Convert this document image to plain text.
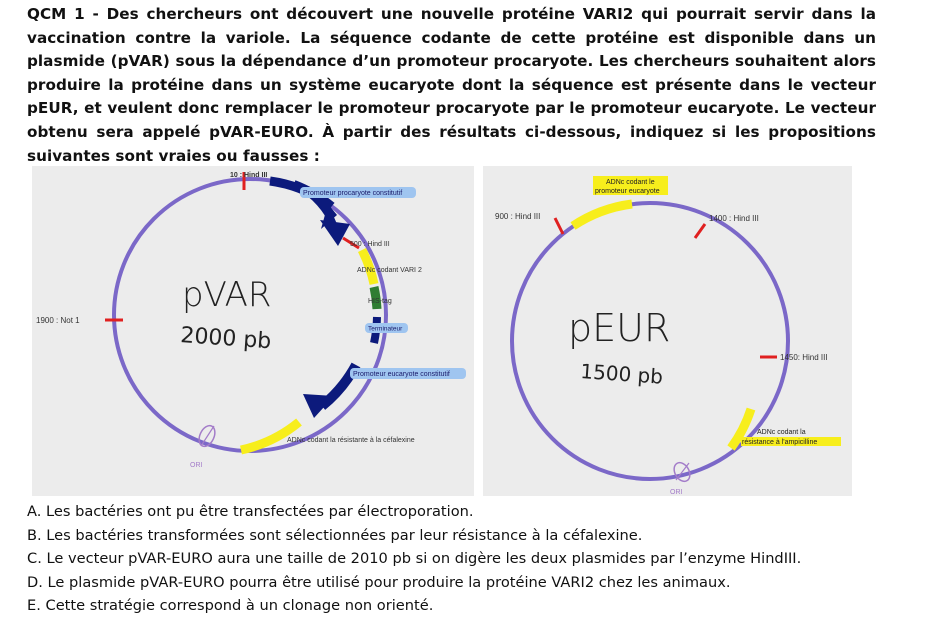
QCM 1 - Des chercheurs ont découvert une nouvelle protéine VARI2 qui pourrait servir dans la vaccination contre la variole. La séquence codante de cette protéine est disponible dans un plasmide (pVAR) sous la dépendance d’un promoteur procaryote. Les chercheurs souhaitent alors produire la protéine dans un système eucaryote dont la séquence est présente dans le vecteur pEUR, et veulent donc remplacer le promoteur procaryote par le promoteur eucaryote. Le vecteur obtenu sera appelé pVAR-EURO. À partir des résultats ci-dessous, indiquez si les propositions suivantes sont vraies ou fausses :
10 : Hind III
Promoteur procaryote constitutif
500 : Hind III
ADNc codant VARI 2
HIS-tag
Terminateur
Promoteur eucaryote constitutif
ADNc codant la résistante à la céfalexine
1900 : Not 1
ORI
pVAR
2000 pb
ADNc codant le
promoteur eucaryote
900 : Hind III	1400 : Hind III
1450: Hind III
ADNc codant la
résistance à l'ampicilline
ORI
pEUR
1500 pb
A. Les bactéries ont pu être transfectées par électroporation.
B. Les bactéries transformées sont sélectionnées par leur résistance à la céfalexine.
C. Le vecteur pVAR-EURO aura une taille de 2010 pb si on digère les deux plasmides par l’enzyme HindIII.
D. Le plasmide pVAR-EURO pourra être utilisé pour produire la protéine VARI2 chez les animaux.
E. Cette stratégie correspond à un clonage non orienté.
